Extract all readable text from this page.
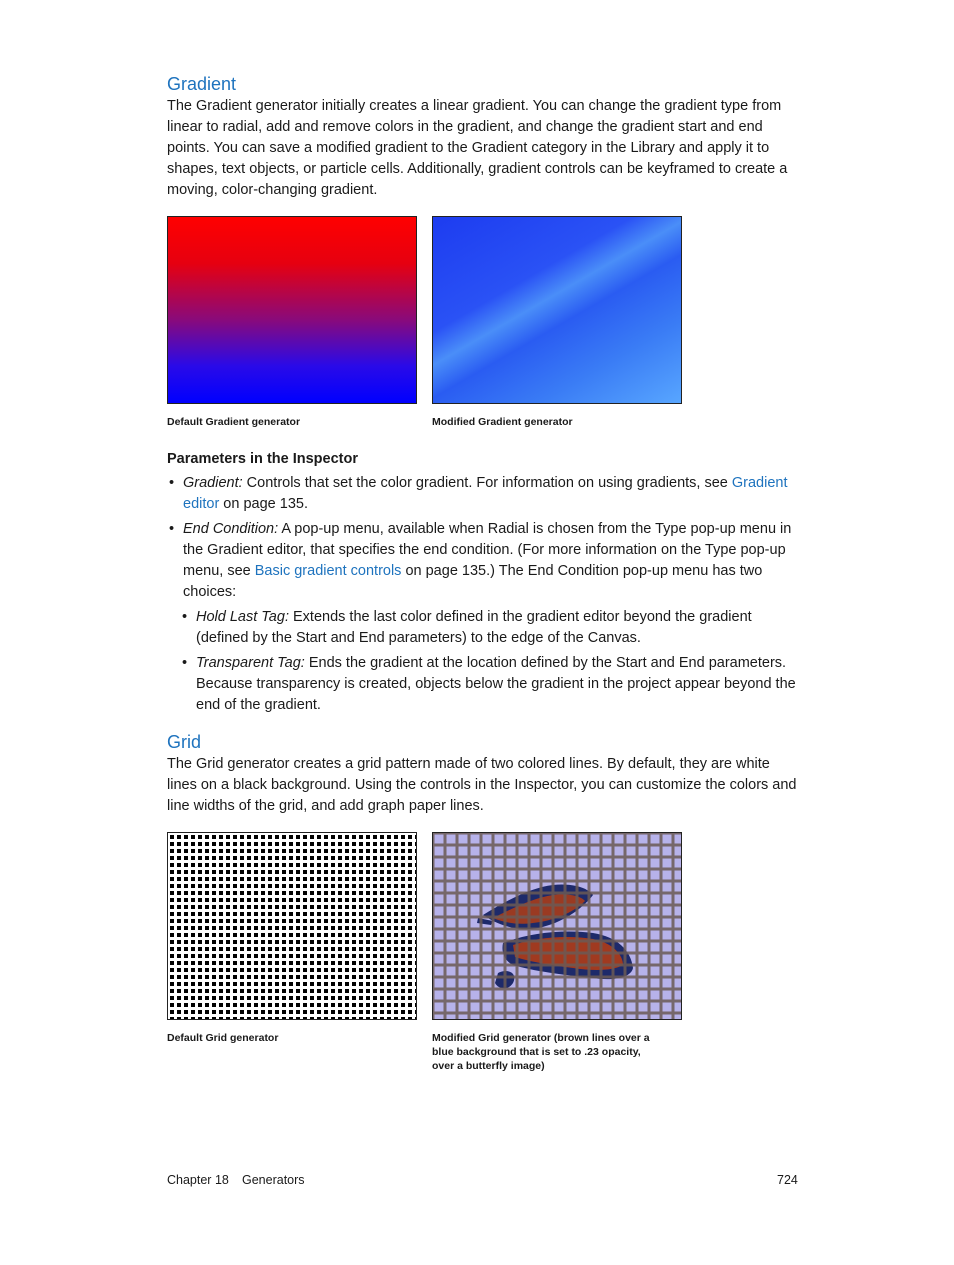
Gradient

The Gradient generator initially creates a linear gradient. You can change the gradient type from linear to radial, add and remove colors in the gradient, and change the gradient start and end points. You can save a modified gradient to the Gradient category in the Library and apply it to shapes, text objects, or particle cells. Additionally, gradient controls can be keyframed to create a moving, color-changing gradient.

Default Gradient generator	Modified Gradient generator

Parameters in the Inspector

• Gradient: Controls that set the color gradient. For information on using gradients, see Gradient editor on page 135.

• End Condition: A pop-up menu, available when Radial is chosen from the Type pop-up menu in the Gradient editor, that specifies the end condition. (For more information on the Type pop-up menu, see Basic gradient controls on page 135.) The End Condition pop-up menu has two choices:

• Hold Last Tag: Extends the last color defined in the gradient editor beyond the gradient (defined by the Start and End parameters) to the edge of the Canvas.

• Transparent Tag: Ends the gradient at the location defined by the Start and End parameters. Because transparency is created, objects below the gradient in the project appear beyond the end of the gradient.

Grid

The Grid generator creates a grid pattern made of two colored lines. By default, they are white lines on a black background. Using the controls in the Inspector, you can customize the colors and line widths of the grid, and add graph paper lines.

Default Grid generator	Modified Grid generator (brown lines over a blue background that is set to .23 opacity, over a butterfly image)

Chapter 18 Generators	724
